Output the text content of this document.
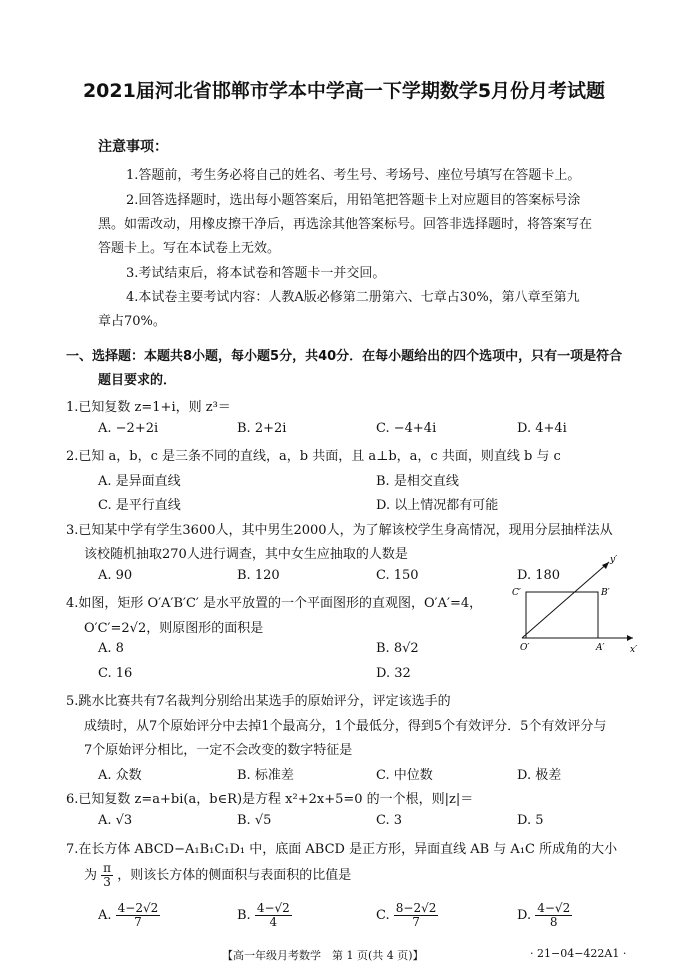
2021届河北省邯郸市学本中学高一下学期数学5月份月考试题
注意事项：
1.答题前，考生务必将自己的姓名、考生号、考场号、座位号填写在答题卡上。
2.回答选择题时，选出每小题答案后，用铅笔把答题卡上对应题目的答案标号涂
黑。如需改动，用橡皮擦干净后，再选涂其他答案标号。回答非选择题时，将答案写在
答题卡上。写在本试卷上无效。
3.考试结束后，将本试卷和答题卡一并交回。
4.本试卷主要考试内容：人教A版必修第二册第六、七章占30%，第八章至第九
章占70%。
一、选择题：本题共8小题，每小题5分，共40分．在每小题给出的四个选项中，只有一项是符合
题目要求的．
1.已知复数 z=1+i，则 z³＝
A. −2+2i	B. 2+2i	C. −4+4i	D. 4+4i
2.已知 a，b，c 是三条不同的直线，a，b 共面，且 a⊥b，a，c 共面，则直线 b 与 c
A. 是异面直线	B. 是相交直线
C. 是平行直线	D. 以上情况都有可能
3.已知某中学有学生3600人，其中男生2000人，为了解该校学生身高情况，现用分层抽样法从
该校随机抽取270人进行调查，其中女生应抽取的人数是
A. 90	B. 120	C. 150	D. 180
4.如图，矩形 O′A′B′C′ 是水平放置的一个平面图形的直观图，O′A′=4，
O′C′=2√2，则原图形的面积是
A. 8	B. 8√2
C. 16	D. 32
y′
C′	B′
O′	A′	x′
5.跳水比赛共有7名裁判分别给出某选手的原始评分，评定该选手的
成绩时，从7个原始评分中去掉1个最高分，1个最低分，得到5个有效评分．5个有效评分与
7个原始评分相比，一定不会改变的数字特征是
A. 众数	B. 标准差	C. 中位数	D. 极差
6.已知复数 z=a+bi(a，b∈R)是方程 x²+2x+5=0 的一个根，则|z|＝
A. √3	B. √5	C. 3	D. 5
7.在长方体 ABCD−A₁B₁C₁D₁ 中，底面 ABCD 是正方形，异面直线 AB 与 A₁C 所成角的大小
为 $\frac{\pi}{3}$ ，则该长方体的侧面积与表面积的比值是
A. $\frac{4-2√2}{7}$	B. $\frac{4-√2}{4}$	C. $\frac{8-2√2}{7}$	D. $\frac{4-√2}{8}$
【高一年级月考数学　第 1 页(共 4 页)】	· 21−04−422A1 ·
